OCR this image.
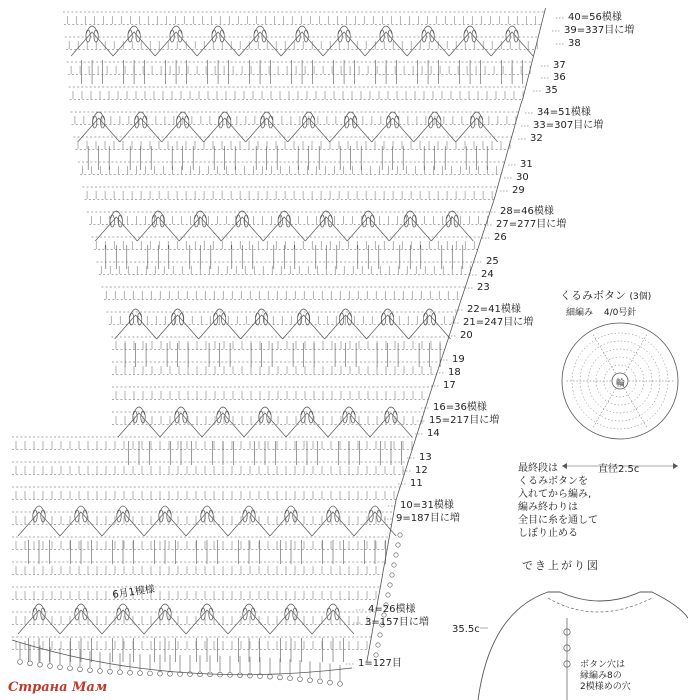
40=56模様
39=337目に増
38
37
36
35
34=51模様
33=307目に増
32
31
30
29
28=46模様
27=277目に増
26
25
24
23
22=41模様
21=247目に増
20
19
18
17
16=36模様
15=217目に増
14
13
12
11
10=31模様
9=187目に増
4=26模様
3=157目に増
1=127目
くるみボタン (3個)
細編み 4/0号針
輪
直径2.5c
最終段は
くるみボタンを
入れてから編み,
編み終わりは
全目に糸を通して
しぼり止める
でき上がり図
35.5c
ボタン穴は
縁編み8の
2模様めの穴
6月1模様
Страна Мам
